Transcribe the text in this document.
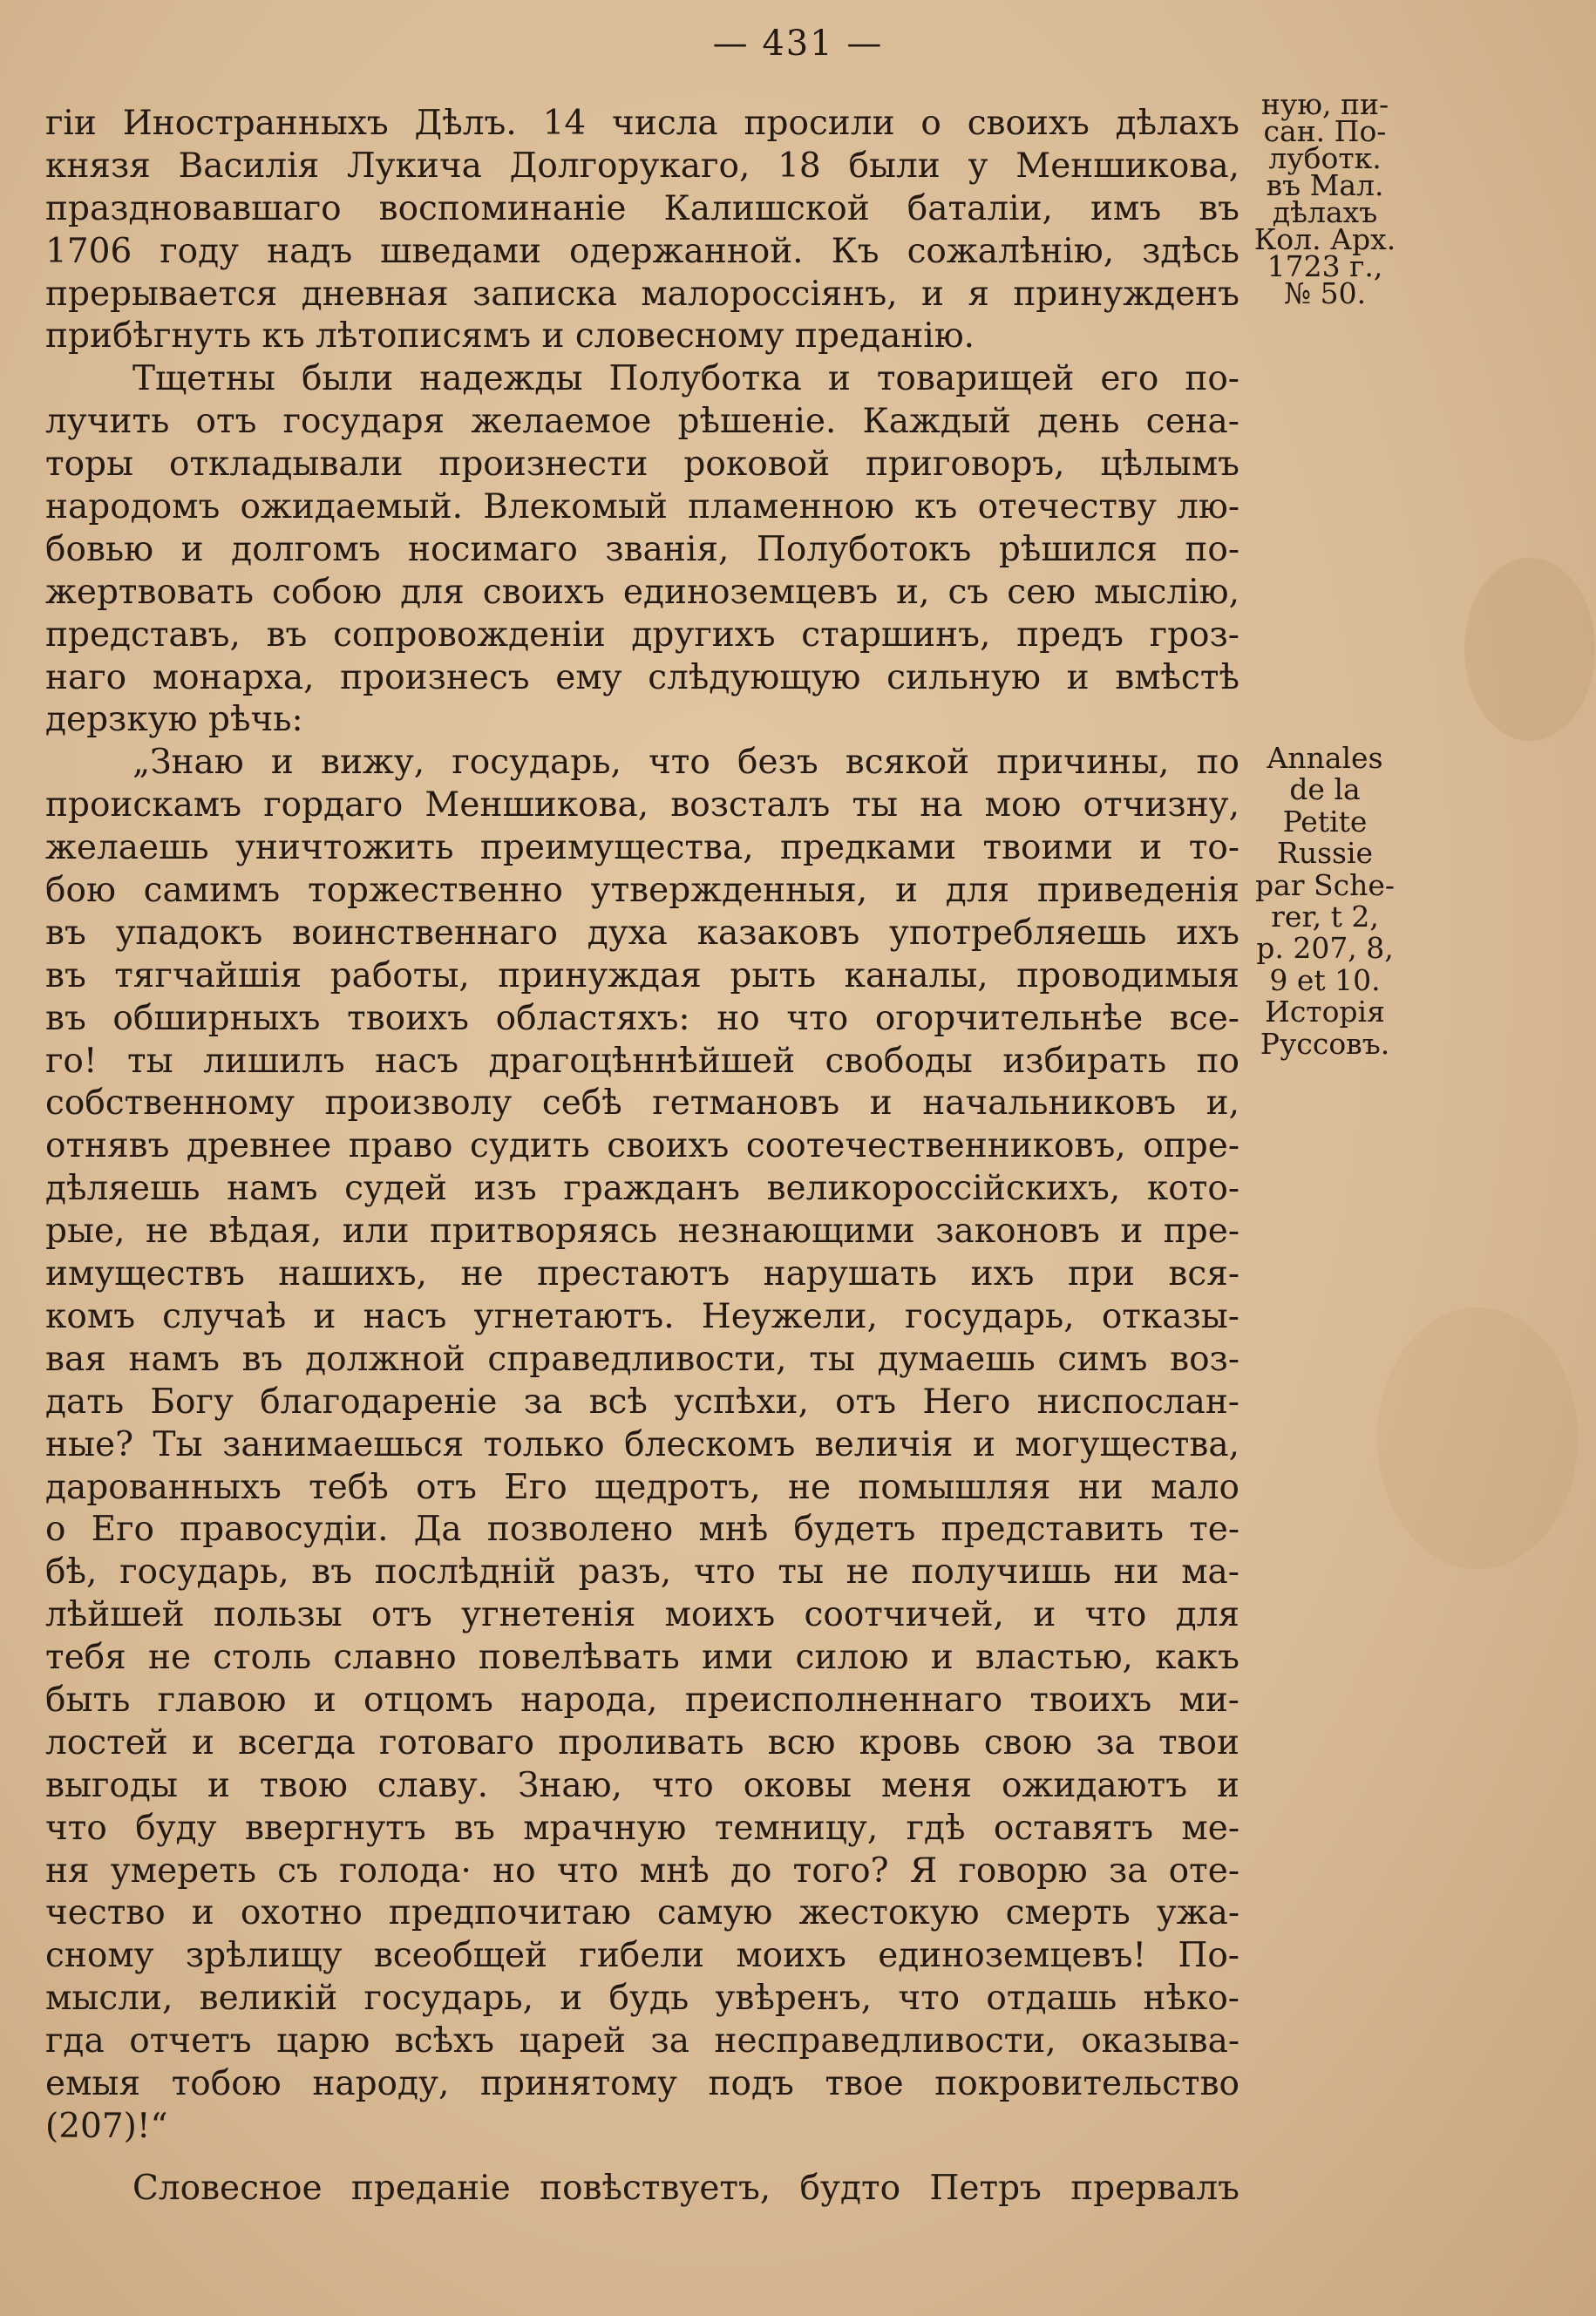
— 431 —
гіи Иностранныхъ Дѣлъ. 14 числа просили о своихъ дѣлахъ
князя Василія Лукича Долгорукаго, 18 были у Меншикова,
праздновавшаго воспоминаніе Калишской баталіи, имъ въ
1706 году надъ шведами одержанной. Къ сожалѣнію, здѣсь
прерывается дневная записка малороссіянъ, и я принужденъ
прибѣгнуть къ лѣтописямъ и словесному преданію.
Тщетны были надежды Полуботка и товарищей его по-
лучить отъ государя желаемое рѣшеніе. Каждый день сена-
торы откладывали произнести роковой приговоръ, цѣлымъ
народомъ ожидаемый. Влекомый пламенною къ отечеству лю-
бовью и долгомъ носимаго званія, Полуботокъ рѣшился по-
жертвовать собою для своихъ единоземцевъ и, съ сею мыслію,
представъ, въ сопровожденіи другихъ старшинъ, предъ гроз-
наго монарха, произнесъ ему слѣдующую сильную и вмѣстѣ
дерзкую рѣчь:
„Знаю и вижу, государь, что безъ всякой причины, по
проискамъ гордаго Меншикова, возсталъ ты на мою отчизну,
желаешь уничтожить преимущества, предками твоими и то-
бою самимъ торжественно утвержденныя, и для приведенія
въ упадокъ воинственнаго духа казаковъ употребляешь ихъ
въ тягчайшія работы, принуждая рыть каналы, проводимыя
въ обширныхъ твоихъ областяхъ: но что огорчительнѣе все-
го! ты лишилъ насъ драгоцѣннѣйшей свободы избирать по
собственному произволу себѣ гетмановъ и начальниковъ и,
отнявъ древнее право судить своихъ соотечественниковъ, опре-
дѣляешь намъ судей изъ гражданъ великороссійскихъ, кото-
рые, не вѣдая, или притворяясь незнающими законовъ и пре-
имуществъ нашихъ, не престаютъ нарушать ихъ при вся-
комъ случаѣ и насъ угнетаютъ. Неужели, государь, отказы-
вая намъ въ должной справедливости, ты думаешь симъ воз-
дать Богу благодареніе за всѣ успѣхи, отъ Него ниспослан-
ные? Ты занимаешься только блескомъ величія и могущества,
дарованныхъ тебѣ отъ Его щедротъ, не помышляя ни мало
о Его правосудіи. Да позволено мнѣ будетъ представить те-
бѣ, государь, въ послѣдній разъ, что ты не получишь ни ма-
лѣйшей пользы отъ угнетенія моихъ соотчичей, и что для
тебя не столь славно повелѣвать ими силою и властью, какъ
быть главою и отцомъ народа, преисполненнаго твоихъ ми-
лостей и всегда готоваго проливать всю кровь свою за твои
выгоды и твою славу. Знаю, что оковы меня ожидаютъ и
что буду ввергнутъ въ мрачную темницу, гдѣ оставятъ ме-
ня умереть съ голода· но что мнѣ до того? Я говорю за оте-
чество и охотно предпочитаю самую жестокую смерть ужа-
сному зрѣлищу всеобщей гибели моихъ единоземцевъ! По-
мысли, великій государь, и будь увѣренъ, что отдашь нѣко-
гда отчетъ царю всѣхъ царей за несправедливости, оказыва-
емыя тобою народу, принятому подъ твое покровительство
(207)!“
Словесное преданіе повѣствуетъ, будто Петръ прервалъ
ную, пи-
сан. По-
луботк.
въ Мал.
дѣлахъ
Кол. Арх.
1723 г.,
№ 50.
Annales
de la
Petite
Russie
par Sche-
rer, t 2,
p. 207, 8,
9 et 10.
Исторія
Руссовъ.
